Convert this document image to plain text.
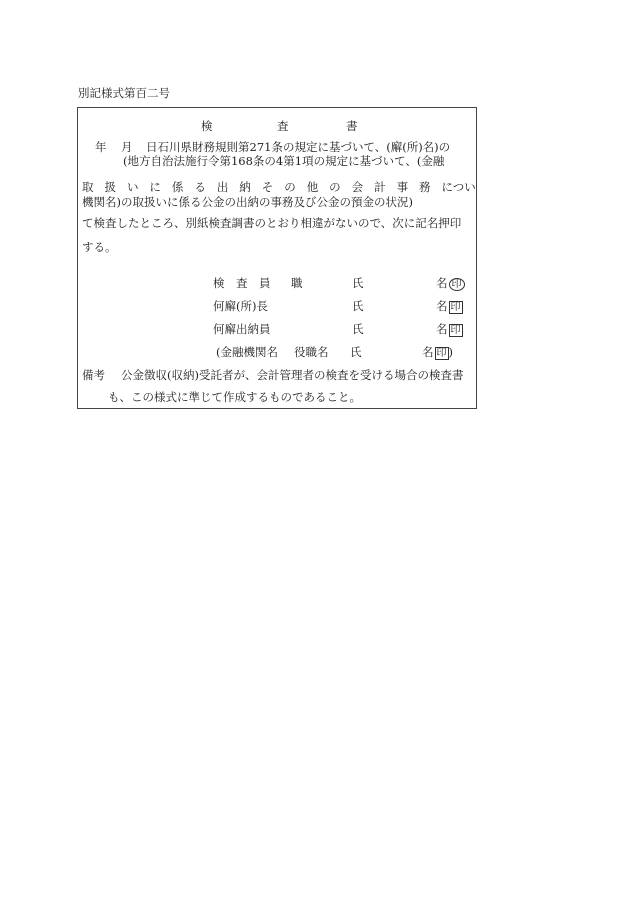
別記様式第百二号
検	査	書
年 月 日石川県財務規則第271条の規定に基づいて、(廨(所)名)の
(地方自治法施行令第168条の4第1項の規定に基づいて、(金融
取 扱 い に 係 る 出 納 そ の 他 の 会 計 事 務 につい
機関名)の取扱いに係る公金の出納の事務及び公金の預金の状況)
て検査したところ、別紙検査調書のとおり相違がないので、次に記名押印
する。
検　査　員 職	氏	名 印
何廨(所)長	氏	名 印
何廨出納員	氏	名 印
(金融機関名 役職名 氏	名 印 )
備考 公金徴収(収納)受託者が、会計管理者の検査を受ける場合の検査書
も、この様式に準じて作成するものであること。
